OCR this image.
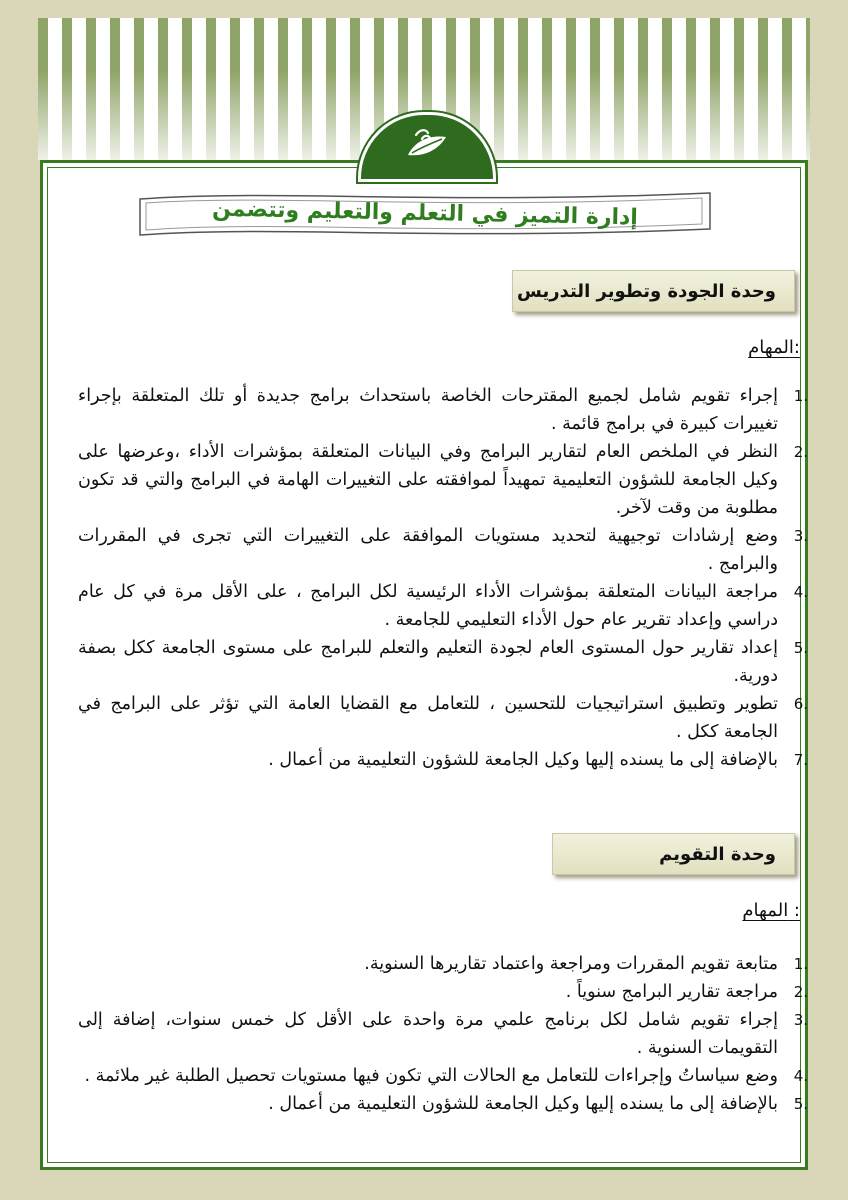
إدارة التميز في التعلم والتعليم وتتضمن
وحدة الجودة وتطوير التدريس
المهام:
1.
إجراء تقويم شامل لجميع المقترحات الخاصة باستحداث برامج جديدة أو تلك المتعلقة بإجراء تغييرات كبيرة في برامج قائمة .
2.
النظر في الملخص العام لتقارير البرامج وفي البيانات المتعلقة بمؤشرات الأداء ،وعرضها على وكيل الجامعة للشؤون التعليمية تمهيداً لموافقته على التغييرات الهامة في البرامج والتي قد تكون مطلوبة من وقت لآخر.
3.
وضع إرشادات توجيهية لتحديد مستويات الموافقة على التغييرات التي تجرى في المقررات والبرامج .
4.
مراجعة البيانات المتعلقة بمؤشرات الأداء الرئيسية لكل البرامج ، على الأقل مرة في كل عام دراسي وإعداد تقرير عام حول الأداء التعليمي للجامعة .
5.
إعداد تقارير حول المستوى العام لجودة التعليم والتعلم للبرامج على مستوى الجامعة ككل بصفة دورية.
6.
تطوير وتطبيق استراتيجيات للتحسين ، للتعامل مع القضايا العامة التي تؤثر على البرامج في الجامعة ككل .
7.
بالإضافة إلى ما يسنده إليها وكيل الجامعة للشؤون التعليمية من أعمال .
وحدة التقويم
المهام :
1.
متابعة تقويم المقررات ومراجعة واعتماد تقاريرها السنوية.
2.
مراجعة تقارير البرامج سنوياً .
3.
إجراء تقويم شامل لكل برنامج علمي مرة واحدة على الأقل كل خمس سنوات، إضافة إلى التقويمات السنوية .
4.
وضع سياساتُ وإجراءات للتعامل مع الحالات التي تكون فيها مستويات تحصيل الطلبة غير ملائمة .
5.
بالإضافة إلى ما يسنده إليها وكيل الجامعة للشؤون التعليمية من أعمال .
